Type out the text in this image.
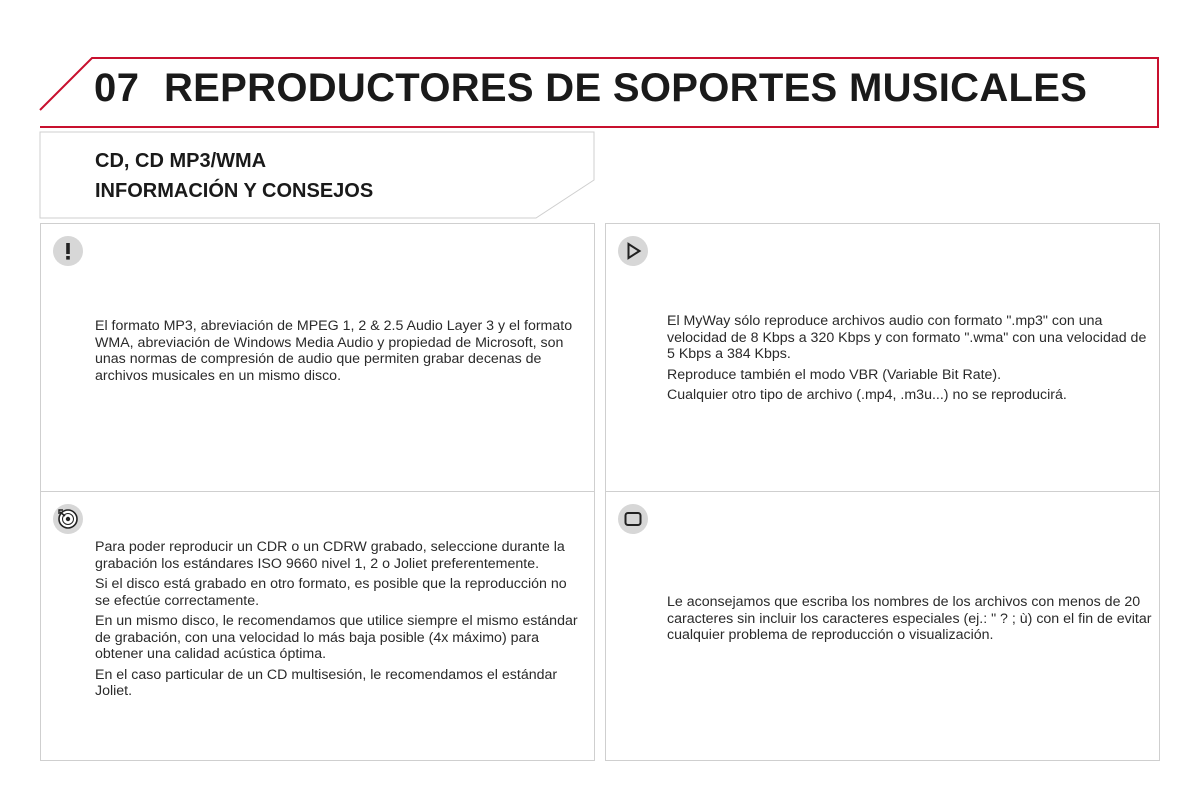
07 REPRODUCTORES DE SOPORTES MUSICALES
CD, CD MP3/WMA
INFORMACIÓN Y CONSEJOS

El formato MP3, abreviación de MPEG 1, 2 & 2.5 Audio Layer 3 y el formato WMA, abreviación de Windows Media Audio y propiedad de Microsoft, son unas normas de compresión de audio que permiten grabar decenas de archivos musicales en un mismo disco.

El MyWay sólo reproduce archivos audio con formato ".mp3" con una velocidad de 8 Kbps a 320 Kbps y con formato ".wma" con una velocidad de 5 Kbps a 384 Kbps.

Reproduce también el modo VBR (Variable Bit Rate).

Cualquier otro tipo de archivo (.mp4, .m3u...) no se reproducirá.

Para poder reproducir un CDR o un CDRW grabado, seleccione durante la grabación los estándares ISO 9660 nivel 1, 2 o Joliet preferentemente.

Si el disco está grabado en otro formato, es posible que la reproducción no se efectúe correctamente.

En un mismo disco, le recomendamos que utilice siempre el mismo estándar de grabación, con una velocidad lo más baja posible (4x máximo) para obtener una calidad acústica óptima.

En el caso particular de un CD multisesión, le recomendamos el estándar Joliet.

Le aconsejamos que escriba los nombres de los archivos con menos de 20 caracteres sin incluir los caracteres especiales (ej.: " ? ; ù) con el fin de evitar cualquier problema de reproducción o visualización.
